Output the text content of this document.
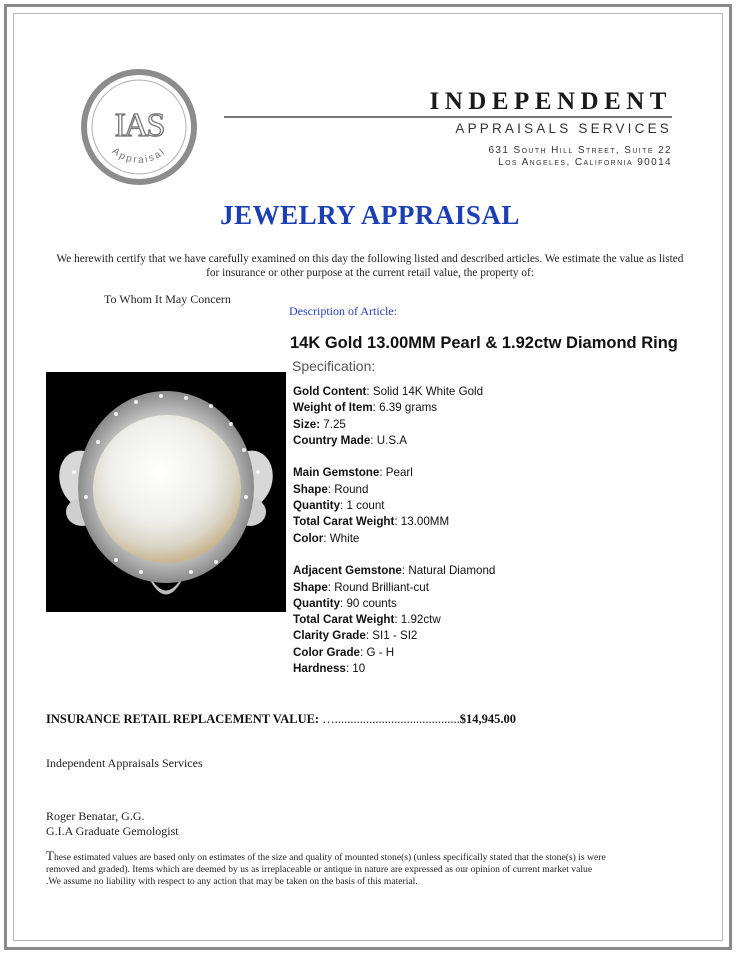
IAS
Appraisal
INDEPENDENT
APPRAISALS SERVICES
631 South Hill Street, Suite 22
Los Angeles, California 90014
JEWELRY APPRAISAL
We herewith certify that we have carefully examined on this day the following listed and described articles. We estimate the value as listed for insurance or other purpose at the current retail value, the property of:
To Whom It May Concern
Description of Article:
14K Gold 13.00MM Pearl & 1.92ctw Diamond Ring
Specification:
Gold Content: Solid 14K White Gold
Weight of Item: 6.39 grams
Size: 7.25
Country Made: U.S.A
Main Gemstone: Pearl
Shape: Round
Quantity: 1 count
Total Carat Weight: 13.00MM
Color: White
Adjacent Gemstone: Natural Diamond
Shape: Round Brilliant-cut
Quantity: 90 counts
Total Carat Weight: 1.92ctw
Clarity Grade: SI1 - SI2
Color Grade: G - H
Hardness: 10
INSURANCE RETAIL REPLACEMENT VALUE: …........................................$14,945.00
Independent Appraisals Services
Roger Benatar, G.G.
G.I.A Graduate Gemologist
These estimated values are based only on estimates of the size and quality of mounted stone(s) (unless specifically stated that the stone(s) is were removed and graded). Items which are deemed by us as irreplaceable or antique in nature are expressed as our opinion of current market value .We assume no liability with respect to any action that may be taken on the basis of this material.
